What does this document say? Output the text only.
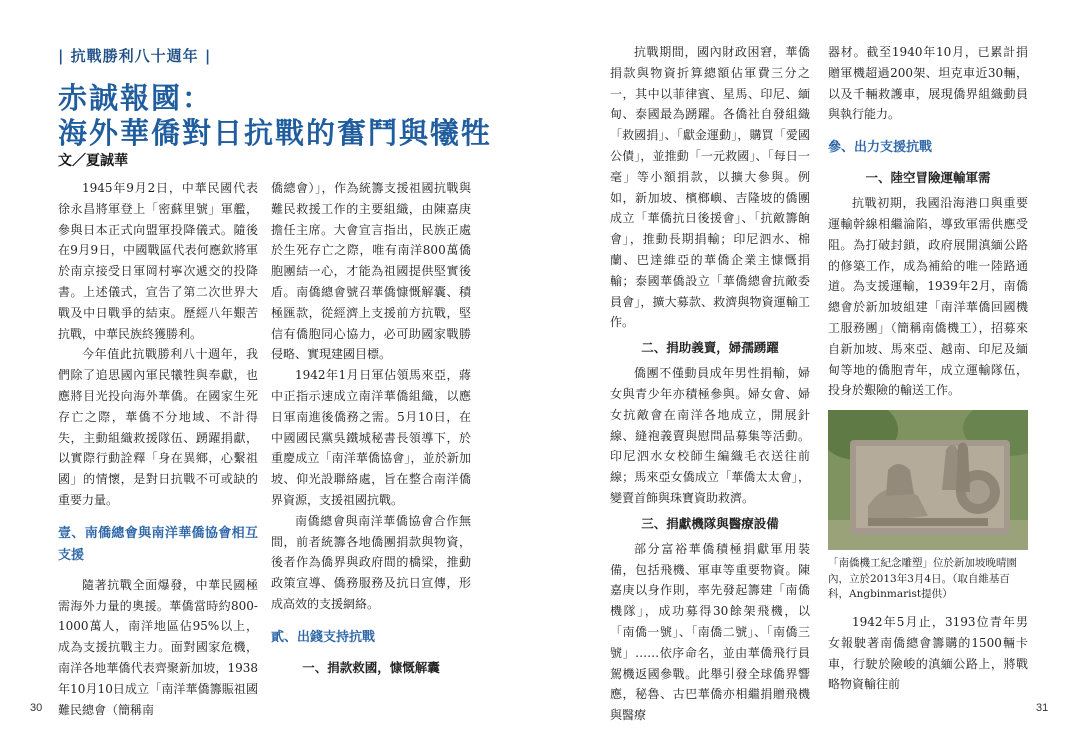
| 抗戰勝利八十週年 |
赤誠報國：
海外華僑對日抗戰的奮鬥與犧牲
文／夏誠華

1945年9月2日，中華民國代表徐永昌將軍登上「密蘇里號」軍艦，參與日本正式向盟軍投降儀式。隨後在9月9日，中國戰區代表何應欽將軍於南京接受日軍岡村寧次遞交的投降書。上述儀式，宣告了第二次世界大戰及中日戰爭的結束。歷經八年艱苦抗戰，中華民族終獲勝利。

今年值此抗戰勝利八十週年，我們除了追思國內軍民犧牲與奉獻，也應將目光投向海外華僑。在國家生死存亡之際，華僑不分地域、不計得失，主動組織救援隊伍、踴躍捐獻，以實際行動詮釋「身在異鄉，心繫祖國」的情懷，是對日抗戰不可或缺的重要力量。

壹、南僑總會與南洋華僑協會相互支援

隨著抗戰全面爆發，中華民國極需海外力量的奧援。華僑當時約800-1000萬人，南洋地區佔95%以上，成為支援抗戰主力。面對國家危機，南洋各地華僑代表齊聚新加坡，1938年10月10日成立「南洋華僑籌賑祖國難民總會（簡稱南

僑總會）」，作為統籌支援祖國抗戰與難民救援工作的主要組織，由陳嘉庚擔任主席。大會宣言指出，民族正處於生死存亡之際，唯有南洋800萬僑胞團結一心，才能為祖國提供堅實後盾。南僑總會號召華僑慷慨解囊、積極匯款，從經濟上支援前方抗戰，堅信有僑胞同心協力，必可助國家戰勝侵略、實現建國目標。

1942年1月日軍佔領馬來亞，蔣中正指示速成立南洋華僑組織，以應日軍南進後僑務之需。5月10日，在中國國民黨吳鐵城秘書長領導下，於重慶成立「南洋華僑協會」，並於新加坡、仰光設聯絡處，旨在整合南洋僑界資源，支援祖國抗戰。

南僑總會與南洋華僑協會合作無間，前者統籌各地僑團捐款與物資，後者作為僑界與政府間的橋梁，推動政策宣導、僑務服務及抗日宣傳，形成高效的支援網絡。

貳、出錢支持抗戰
一、捐款救國，慷慨解囊

抗戰期間，國內財政困窘，華僑捐款與物資折算總額佔軍費三分之一，其中以菲律賓、星馬、印尼、緬甸、泰國最為踴躍。各僑社自發組織「救國捐」、「獻金運動」，購買「愛國公債」，並推動「一元救國」、「每日一毫」等小額捐款，以擴大參與。例如，新加坡、檳榔嶼、吉隆坡的僑團成立「華僑抗日後援會」、「抗敵籌餉會」，推動長期捐輸；印尼泗水、棉蘭、巴達維亞的華僑企業主慷慨捐輸；泰國華僑設立「華僑總會抗敵委員會」，擴大募款、救濟與物資運輸工作。

二、捐助義賣，婦孺踴躍

僑團不僅動員成年男性捐輸，婦女與青少年亦積極參與。婦女會、婦女抗敵會在南洋各地成立，開展針線、縫袍義賣與慰問品募集等活動。印尼泗水女校師生編織毛衣送往前線；馬來亞女僑成立「華僑太太會」，變賣首飾與珠寶資助救濟。

三、捐獻機隊與醫療設備

部分富裕華僑積極捐獻軍用裝備，包括飛機、軍車等重要物資。陳嘉庚以身作則，率先發起籌建「南僑機隊」，成功募得30餘架飛機，以「南僑一號」、「南僑二號」、「南僑三號」……依序命名，並由華僑飛行員駕機返國參戰。此舉引發全球僑界響應，秘魯、古巴華僑亦相繼捐贈飛機與醫療

器材。截至1940年10月，已累計捐贈軍機超過200架、坦克車近30輛，以及千輛救護車，展現僑界組織動員與執行能力。

參、出力支援抗戰
一、陸空冒險運輸軍需

抗戰初期，我國沿海港口與重要運輸幹線相繼淪陷，導致軍需供應受阻。為打破封鎖，政府展開滇緬公路的修築工作，成為補給的唯一陸路通道。為支援運輸，1939年2月，南僑總會於新加坡組建「南洋華僑回國機工服務團」（簡稱南僑機工），招募來自新加坡、馬來亞、越南、印尼及緬甸等地的僑胞青年，成立運輸隊伍，投身於艱險的輸送工作。

「南僑機工紀念雕塑」位於新加坡晚晴園內，立於2013年3月4日。（取自維基百科，Angbinmarist提供）

1942年5月止，3193位青年男女報駛著南僑總會籌購的1500輛卡車，行駛於險峻的滇緬公路上，將戰略物資輸往前

30	31
